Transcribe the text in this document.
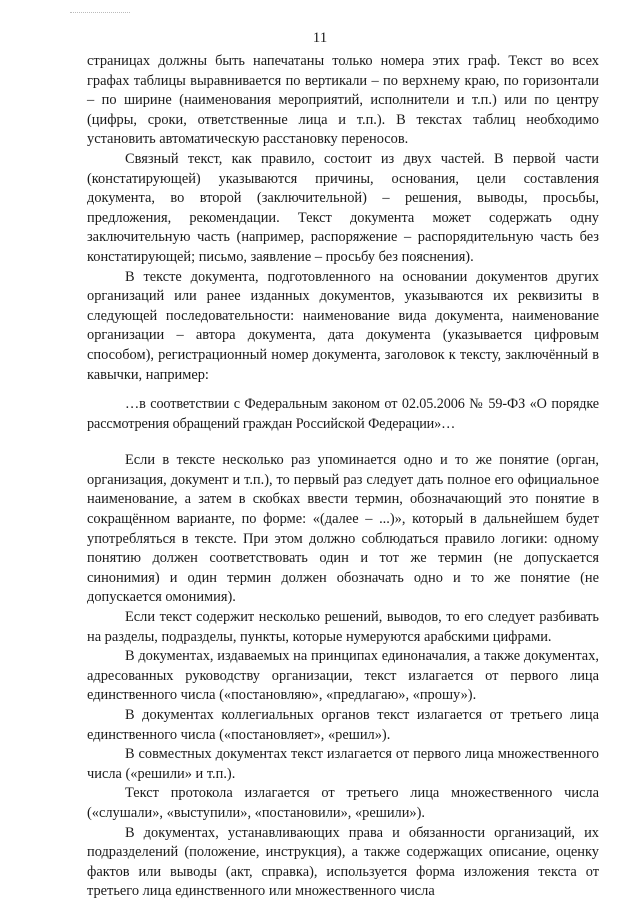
11

страницах должны быть напечатаны только номера этих граф. Текст во всех графах таблицы выравнивается по вертикали – по верхнему краю, по горизонтали – по ширине (наименования мероприятий, исполнители и т.п.) или по центру (цифры, сроки, ответственные лица и т.п.). В текстах таблиц необходимо установить автоматическую расстановку переносов.

Связный текст, как правило, состоит из двух частей. В первой части (констатирующей) указываются причины, основания, цели составления документа, во второй (заключительной) – решения, выводы, просьбы, предложения, рекомендации. Текст документа может содержать одну заключительную часть (например, распоряжение – распорядительную часть без констатирующей; письмо, заявление – просьбу без пояснения).

В тексте документа, подготовленного на основании документов других организаций или ранее изданных документов, указываются их реквизиты в следующей последовательности: наименование вида документа, наименование организации – автора документа, дата документа (указывается цифровым способом), регистрационный номер документа, заголовок к тексту, заключённый в кавычки, например:

…в соответствии с Федеральным законом от 02.05.2006 № 59-ФЗ «О порядке рассмотрения обращений граждан Российской Федерации»…

Если в тексте несколько раз упоминается одно и то же понятие (орган, организация, документ и т.п.), то первый раз следует дать полное его официальное наименование, а затем в скобках ввести термин, обозначающий это понятие в сокращённом варианте, по форме: «(далее – ...)», который в дальнейшем будет употребляться в тексте. При этом должно соблюдаться правило логики: одному понятию должен соответствовать один и тот же термин (не допускается синонимия) и один термин должен обозначать одно и то же понятие (не допускается омонимия).

Если текст содержит несколько решений, выводов, то его следует разбивать на разделы, подразделы, пункты, которые нумеруются арабскими цифрами.

В документах, издаваемых на принципах единоначалия, а также документах, адресованных руководству организации, текст излагается от первого лица единственного числа («постановляю», «предлагаю», «прошу»).

В документах коллегиальных органов текст излагается от третьего лица единственного числа («постановляет», «решил»).

В совместных документах текст излагается от первого лица множественного числа («решили» и т.п.).

Текст протокола излагается от третьего лица множественного числа («слушали», «выступили», «постановили», «решили»).

В документах, устанавливающих права и обязанности организаций, их подразделений (положение, инструкция), а также содержащих описание, оценку фактов или выводы (акт, справка), используется форма изложения текста от третьего лица единственного или множественного числа
